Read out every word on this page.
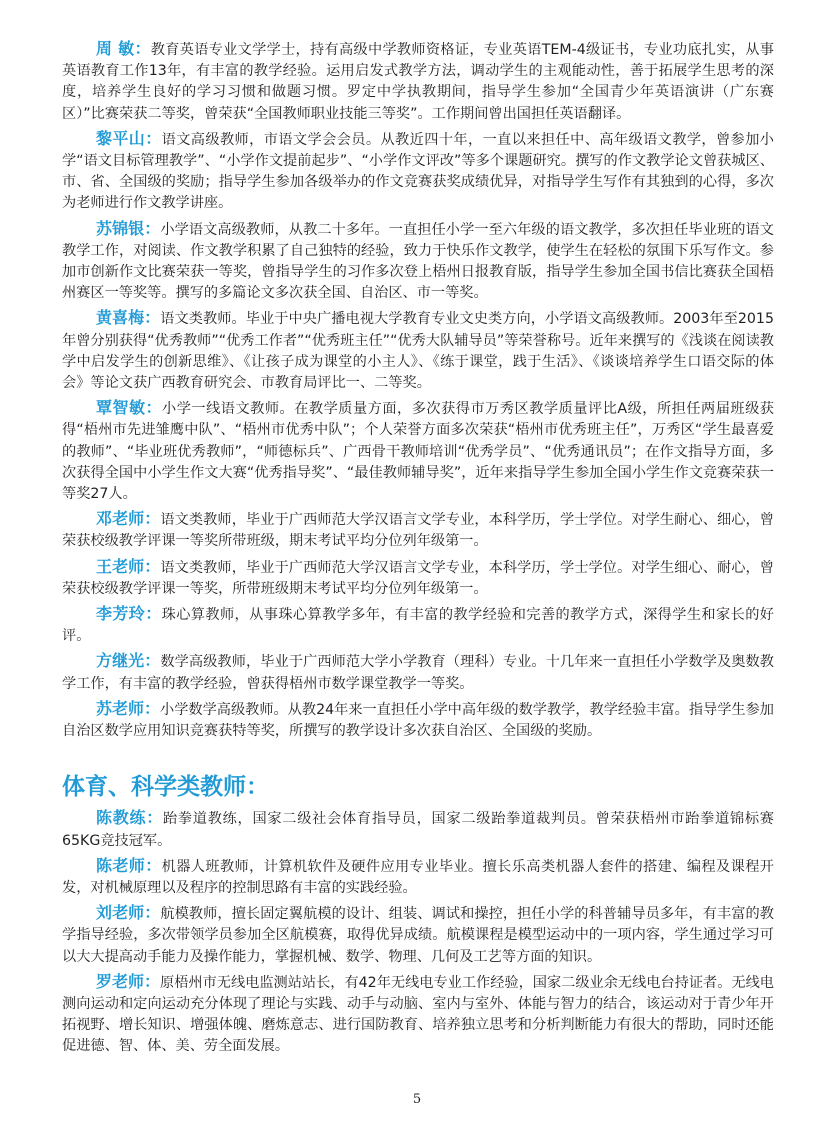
周 敏：教育英语专业文学学士，持有高级中学教师资格证，专业英语TEM-4级证书，专业功底扎实，从事英语教育工作13年，有丰富的教学经验。运用启发式教学方法，调动学生的主观能动性，善于拓展学生思考的深度，培养学生良好的学习习惯和做题习惯。罗定中学执教期间，指导学生参加“全国青少年英语演讲（广东赛区）”比赛荣获二等奖，曾荣获“全国教师职业技能三等奖”。工作期间曾出国担任英语翻译。

黎平山：语文高级教师，市语文学会会员。从教近四十年，一直以来担任中、高年级语文教学，曾参加小学“语文目标管理教学”、“小学作文提前起步”、“小学作文评改”等多个课题研究。撰写的作文教学论文曾获城区、市、省、全国级的奖励；指导学生参加各级举办的作文竞赛获奖成绩优异，对指导学生写作有其独到的心得，多次为老师进行作文教学讲座。

苏锦银：小学语文高级教师，从教二十多年。一直担任小学一至六年级的语文教学，多次担任毕业班的语文教学工作，对阅读、作文教学积累了自己独特的经验，致力于快乐作文教学，使学生在轻松的氛围下乐写作文。参加市创新作文比赛荣获一等奖，曾指导学生的习作多次登上梧州日报教育版，指导学生参加全国书信比赛获全国梧州赛区一等奖等。撰写的多篇论文多次获全国、自治区、市一等奖。

黄喜梅：语文类教师。毕业于中央广播电视大学教育专业文史类方向，小学语文高级教师。2003年至2015年曾分别获得“优秀教师”“优秀工作者”“优秀班主任”“优秀大队辅导员”等荣誉称号。近年来撰写的《浅谈在阅读教学中启发学生的创新思维》、《让孩子成为课堂的小主人》、《练于课堂，践于生活》、《谈谈培养学生口语交际的体会》等论文获广西教育研究会、市教育局评比一、二等奖。

覃智敏：小学一线语文教师。在教学质量方面，多次获得市万秀区教学质量评比A级，所担任两届班级获得“梧州市先进雏鹰中队”、“梧州市优秀中队”；个人荣誉方面多次荣获“梧州市优秀班主任”，万秀区“学生最喜爱的教师”、“毕业班优秀教师”，“师德标兵”、广西骨干教师培训“优秀学员”、“优秀通讯员”；在作文指导方面，多次获得全国中小学生作文大赛“优秀指导奖”、“最佳教师辅导奖”，近年来指导学生参加全国小学生作文竞赛荣获一等奖27人。

邓老师：语文类教师，毕业于广西师范大学汉语言文学专业，本科学历，学士学位。对学生耐心、细心，曾荣获校级教学评课一等奖所带班级，期末考试平均分位列年级第一。

王老师：语文类教师，毕业于广西师范大学汉语言文学专业，本科学历，学士学位。对学生细心、耐心，曾荣获校级教学评课一等奖，所带班级期末考试平均分位列年级第一。

李芳玲：珠心算教师，从事珠心算教学多年，有丰富的教学经验和完善的教学方式，深得学生和家长的好评。

方继光：数学高级教师，毕业于广西师范大学小学教育（理科）专业。十几年来一直担任小学数学及奥数教学工作，有丰富的教学经验，曾获得梧州市数学课堂教学一等奖。

苏老师：小学数学高级教师。从教24年来一直担任小学中高年级的数学教学，教学经验丰富。指导学生参加自治区数学应用知识竞赛获特等奖，所撰写的教学设计多次获自治区、全国级的奖励。

体育、科学类教师：

陈教练：跆拳道教练，国家二级社会体育指导员，国家二级跆拳道裁判员。曾荣获梧州市跆拳道锦标赛65KG竞技冠军。

陈老师：机器人班教师，计算机软件及硬件应用专业毕业。擅长乐高类机器人套件的搭建、编程及课程开发，对机械原理以及程序的控制思路有丰富的实践经验。

刘老师：航模教师，擅长固定翼航模的设计、组装、调试和操控，担任小学的科普辅导员多年，有丰富的教学指导经验，多次带领学员参加全区航模赛，取得优异成绩。航模课程是模型运动中的一项内容，学生通过学习可以大大提高动手能力及操作能力，掌握机械、数学、物理、几何及工艺等方面的知识。

罗老师：原梧州市无线电监测站站长，有42年无线电专业工作经验，国家二级业余无线电台持证者。无线电测向运动和定向运动充分体现了理论与实践、动手与动脑、室内与室外、体能与智力的结合，该运动对于青少年开拓视野、增长知识、增强体魄、磨炼意志、进行国防教育、培养独立思考和分析判断能力有很大的帮助，同时还能促进德、智、体、美、劳全面发展。

5
